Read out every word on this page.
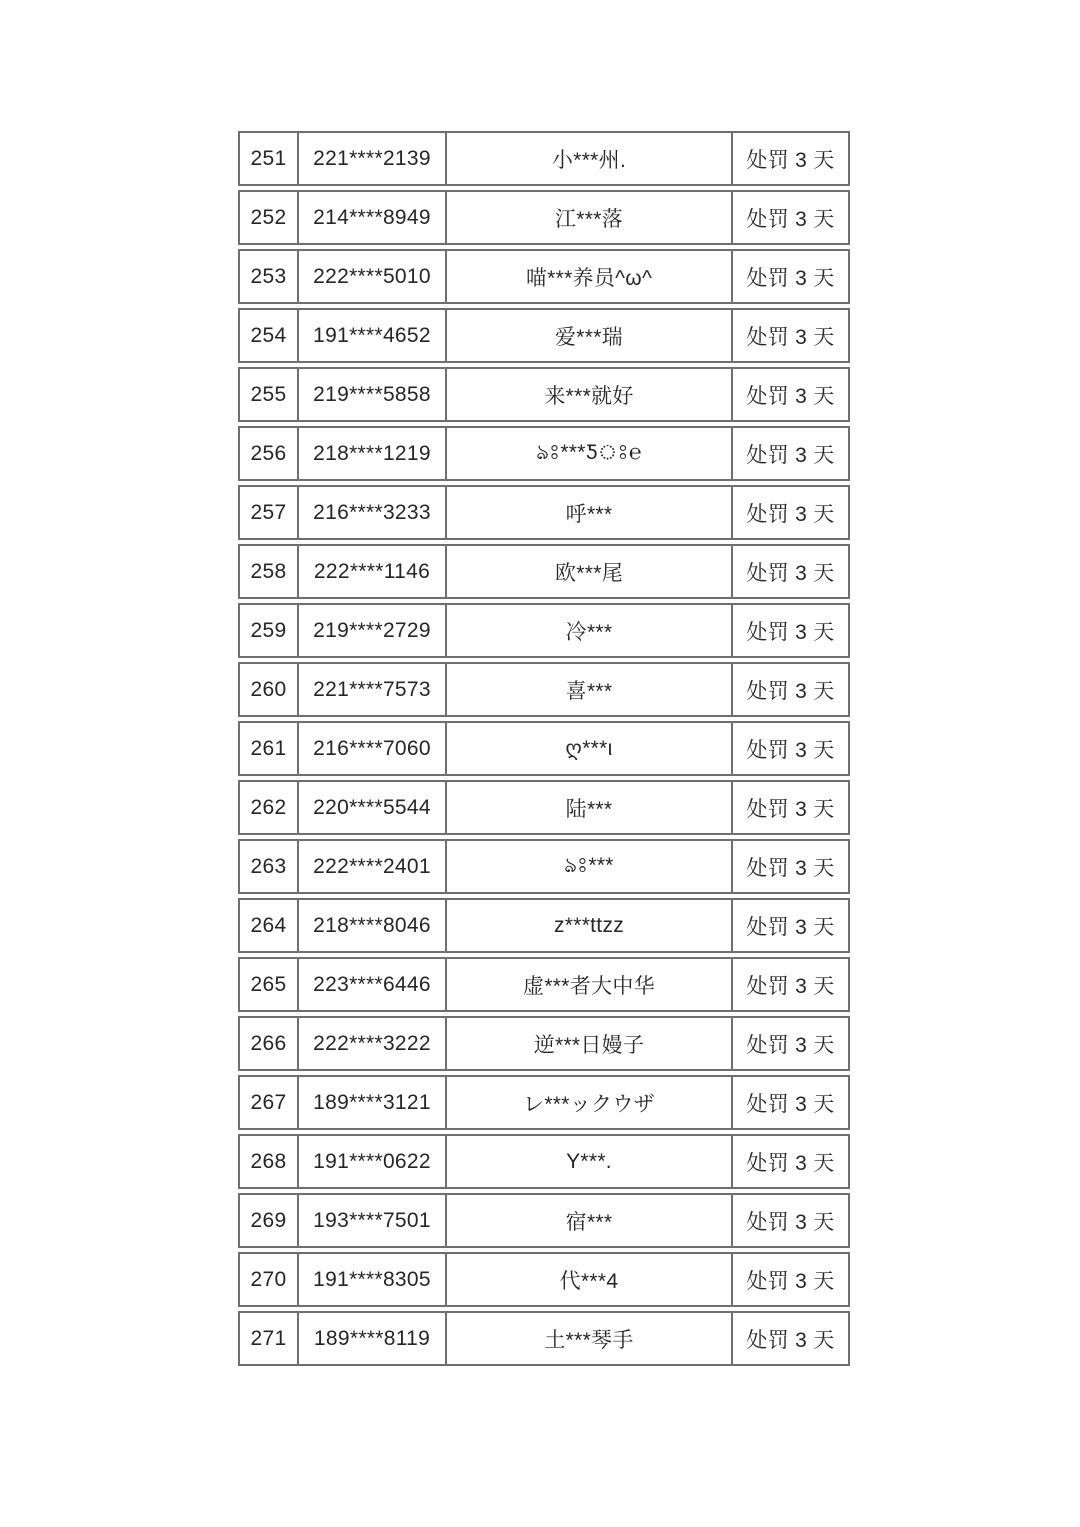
251	221****2139	小***州.	处罚 3 天
252	214****8949	江***落	处罚 3 天
253	222****5010	喵***养员^ω^	处罚 3 天
254	191****4652	爱***瑞	处罚 3 天
255	219****5858	来***就好	处罚 3 天
256	218****1219	ঌঃ***Ƽঃ℮	处罚 3 天
257	216****3233	呼***	处罚 3 天
258	222****1146	欧***尾	处罚 3 天
259	219****2729	冷***	处罚 3 天
260	221****7573	喜***	处罚 3 天
261	216****7060	ღ***ι	处罚 3 天
262	220****5544	陆***	处罚 3 天
263	222****2401	ঌঃ***	处罚 3 天
264	218****8046	z***ttzz	处罚 3 天
265	223****6446	虚***者大中华	处罚 3 天
266	222****3222	逆***日嫚子	处罚 3 天
267	189****3121	レ***ックウザ	处罚 3 天
268	191****0622	Y***.	处罚 3 天
269	193****7501	宿***	处罚 3 天
270	191****8305	代***4	处罚 3 天
271	189****8119	土***琴手	处罚 3 天
